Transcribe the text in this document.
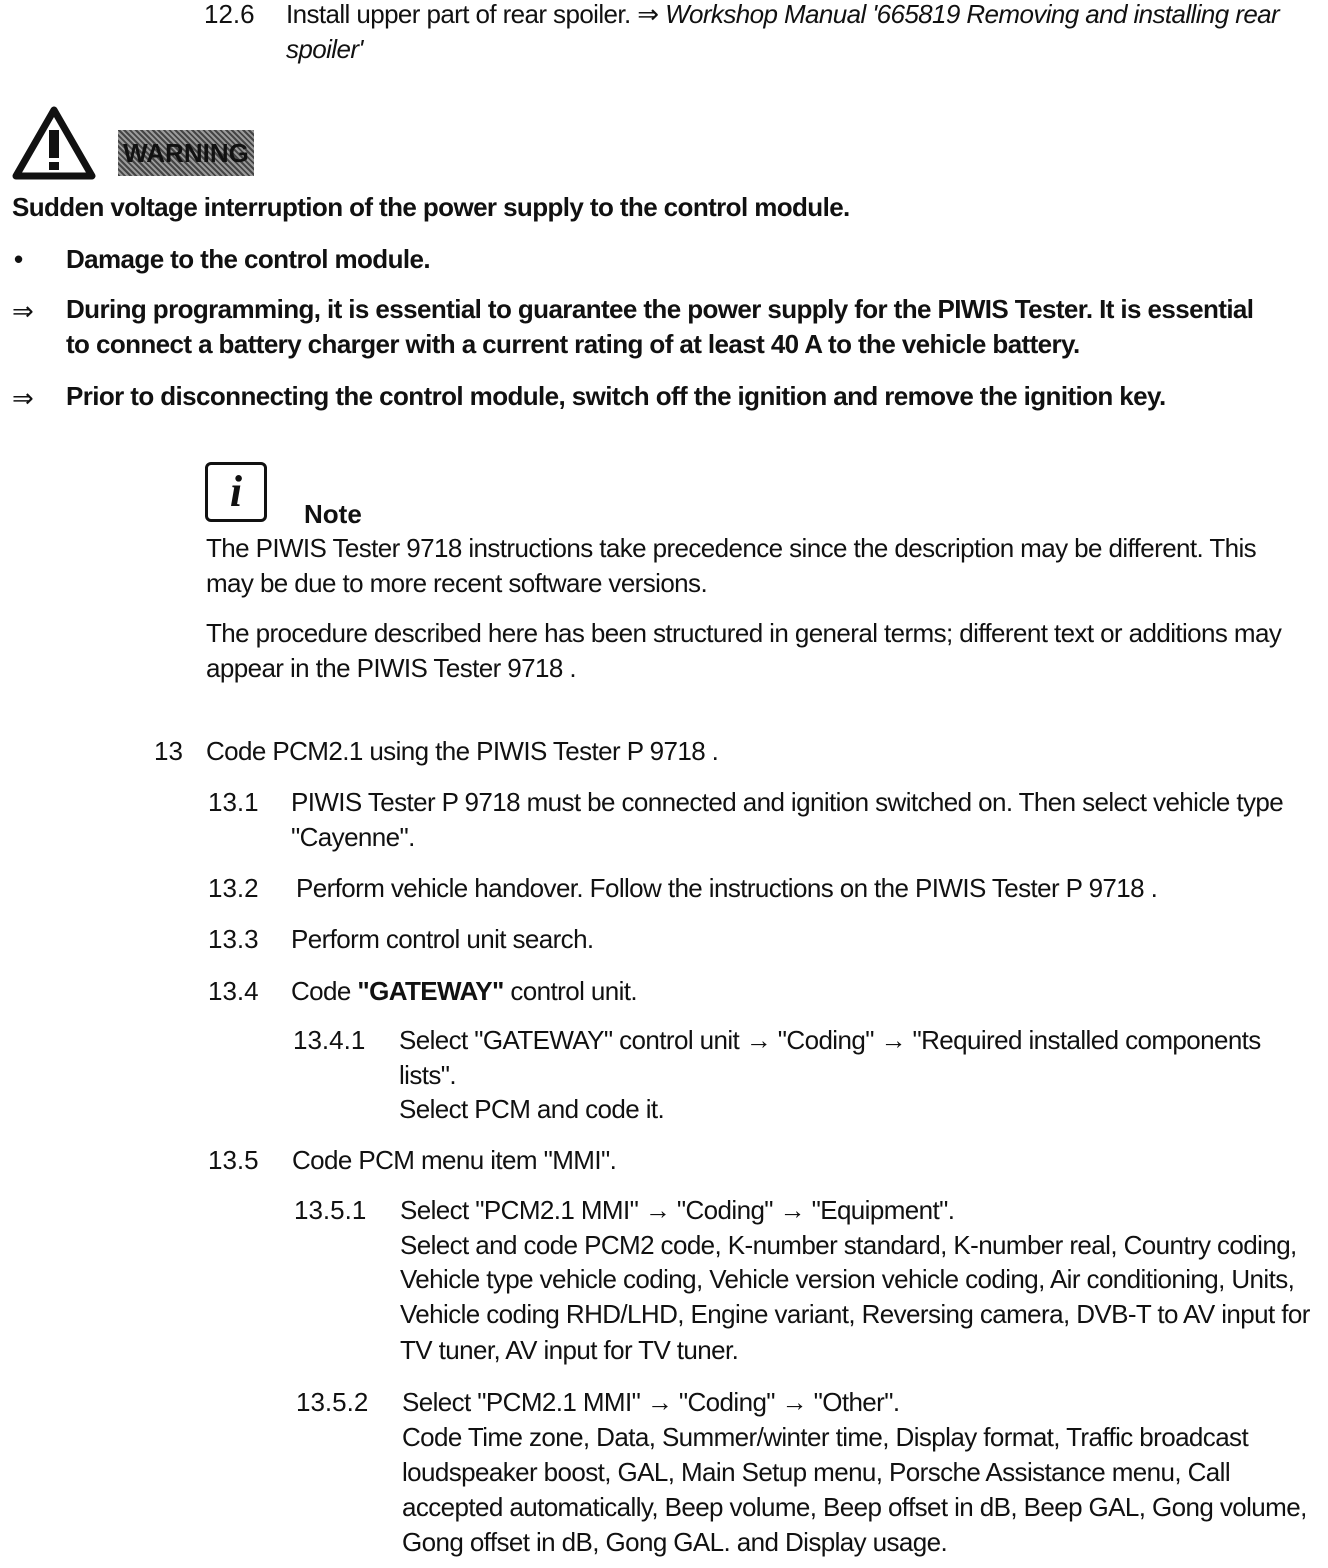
12.6 Install upper part of rear spoiler. ⇒ Workshop Manual '665819 Removing and installing rear
spoiler'
WARNING
Sudden voltage interruption of the power supply to the control module.
• Damage to the control module.
⇒ During programming, it is essential to guarantee the power supply for the PIWIS Tester. It is essential
to connect a battery charger with a current rating of at least 40 A to the vehicle battery.
⇒ Prior to disconnecting the control module, switch off the ignition and remove the ignition key.
i	Note
The PIWIS Tester 9718 instructions take precedence since the description may be different. This
may be due to more recent software versions.
The procedure described here has been structured in general terms; different text or additions may
appear in the PIWIS Tester 9718 .
13 Code PCM2.1 using the PIWIS Tester P 9718 .
13.1 PIWIS Tester P 9718 must be connected and ignition switched on. Then select vehicle type
"Cayenne".
13.2 Perform vehicle handover. Follow the instructions on the PIWIS Tester P 9718 .
13.3 Perform control unit search.
13.4 Code "GATEWAY" control unit.
13.4.1 Select "GATEWAY" control unit → "Coding" → "Required installed components
lists".
Select PCM and code it.
13.5 Code PCM menu item "MMI".
13.5.1 Select "PCM2.1 MMI" → "Coding" → "Equipment".
Select and code PCM2 code, K-number standard, K-number real, Country coding,
Vehicle type vehicle coding, Vehicle version vehicle coding, Air conditioning, Units,
Vehicle coding RHD/LHD, Engine variant, Reversing camera, DVB-T to AV input for
TV tuner, AV input for TV tuner.
13.5.2 Select "PCM2.1 MMI" → "Coding" → "Other".
Code Time zone, Data, Summer/winter time, Display format, Traffic broadcast
loudspeaker boost, GAL, Main Setup menu, Porsche Assistance menu, Call
accepted automatically, Beep volume, Beep offset in dB, Beep GAL, Gong volume,
Gong offset in dB, Gong GAL. and Display usage.
